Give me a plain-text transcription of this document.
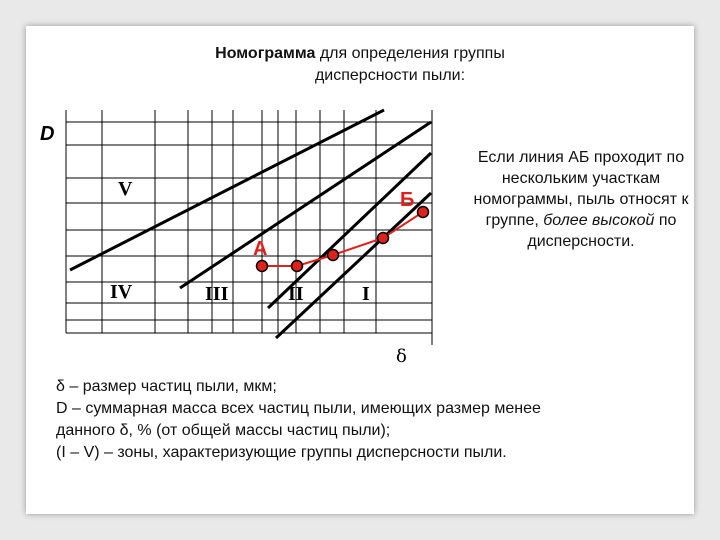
Номограмма для определения группы
дисперсности пыли:
D
δ
V
IV	III	II	I
А
Б
Если линия АБ проходит по нескольким участкам номограммы, пыль относят к группе, более высокой по дисперсности.
δ – размер частиц пыли, мкм;
D – суммарная масса всех частиц пыли, имеющих размер менее
данного δ, % (от общей массы частиц пыли);
(I – V) – зоны, характеризующие группы дисперсности пыли.
